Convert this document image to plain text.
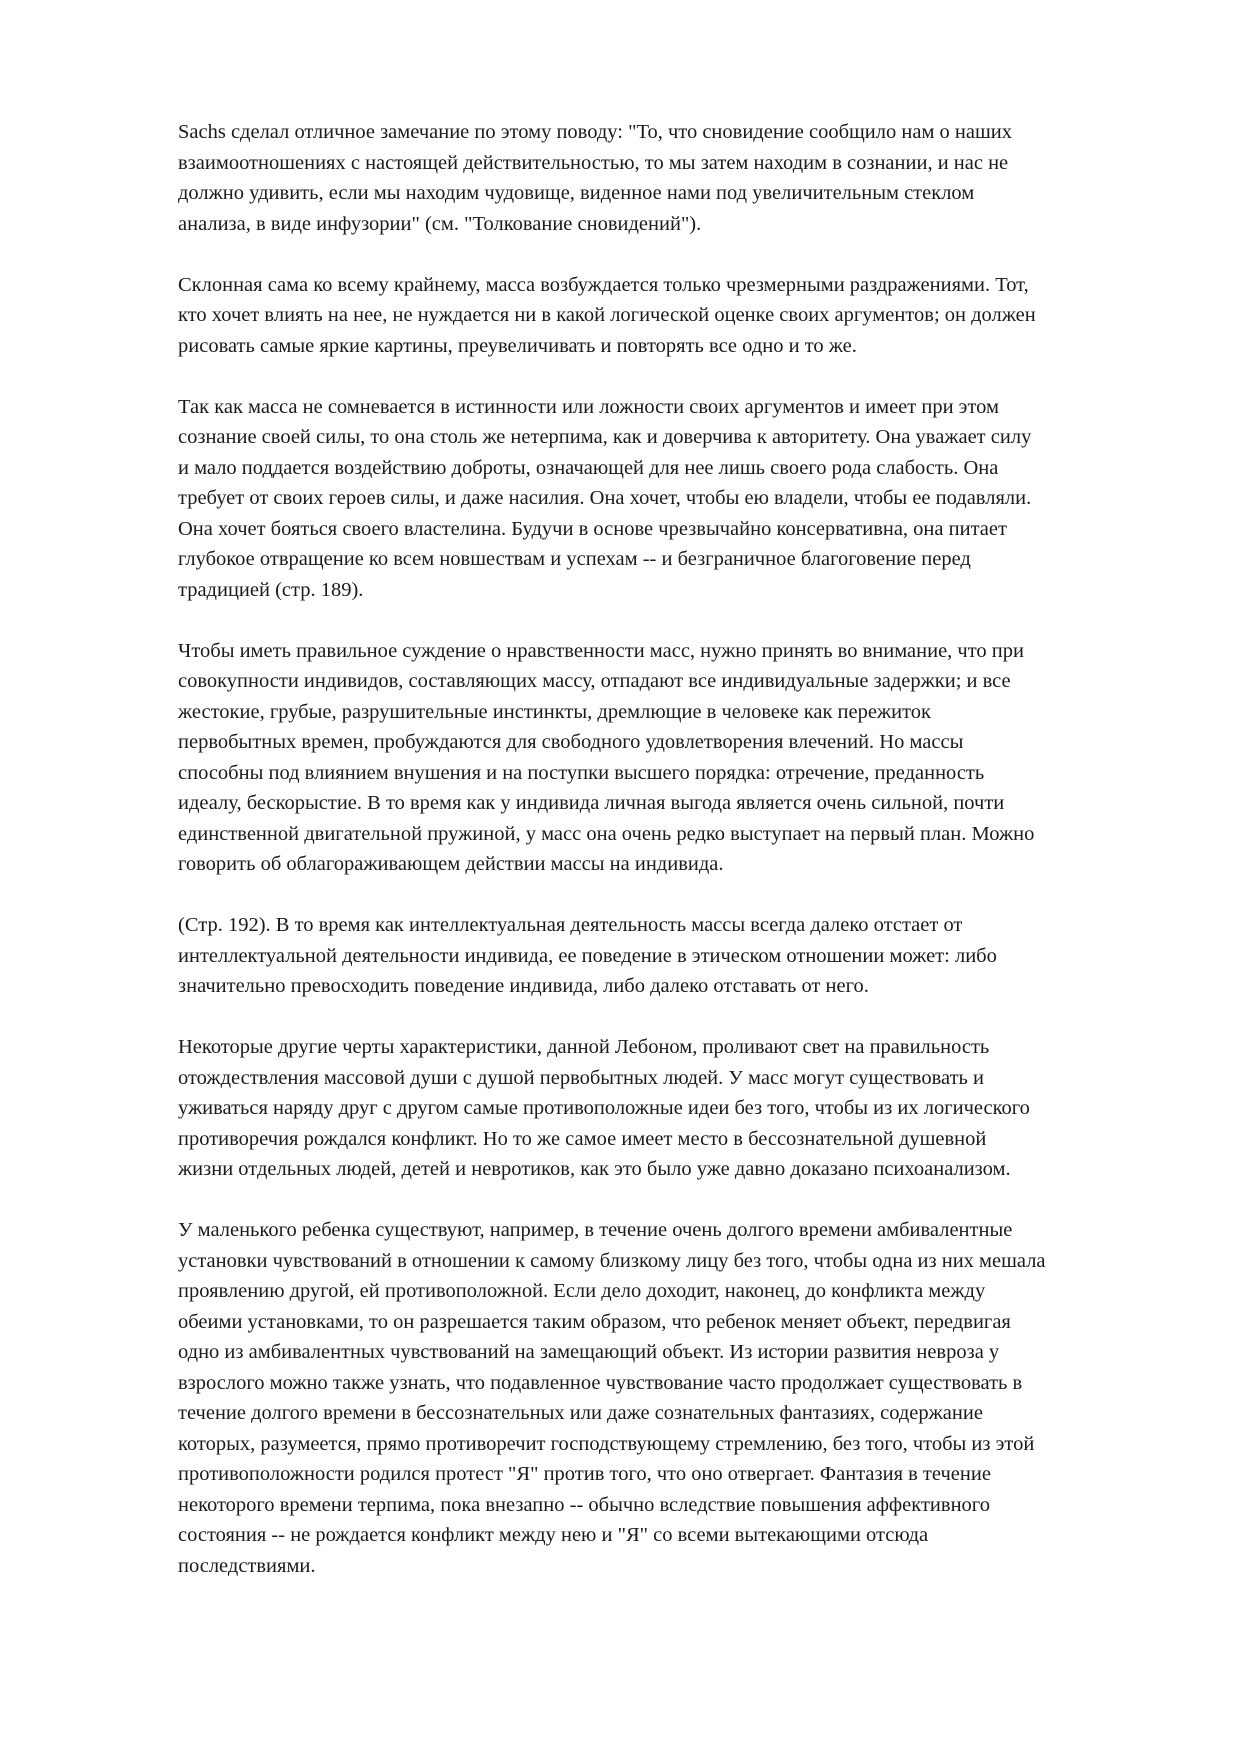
Sachs сделал отличное замечание по этому поводу: "То, что сновидение сообщило нам о наших
взаимоотношениях с настоящей действительностью, то мы затем находим в сознании, и нас не
должно удивить, если мы находим чудовище, виденное нами под увеличительным стеклом
анализа, в виде инфузории" (см. "Толкование сновидений").

Склонная сама ко всему крайнему, масса возбуждается только чрезмерными раздражениями. Тот,
кто хочет влиять на нее, не нуждается ни в какой логической оценке своих аргументов; он должен
рисовать самые яркие картины, преувеличивать и повторять все одно и то же.

Так как масса не сомневается в истинности или ложности своих аргументов и имеет при этом
сознание своей силы, то она столь же нетерпима, как и доверчива к авторитету. Она уважает силу
и мало поддается воздействию доброты, означающей для нее лишь своего рода слабость. Она
требует от своих героев силы, и даже насилия. Она хочет, чтобы ею владели, чтобы ее подавляли.
Она хочет бояться своего властелина. Будучи в основе чрезвычайно консервативна, она питает
глубокое отвращение ко всем новшествам и успехам -- и безграничное благоговение перед
традицией (стр. 189).

Чтобы иметь правильное суждение о нравственности масс, нужно принять во внимание, что при
совокупности индивидов, составляющих массу, отпадают все индивидуальные задержки; и все
жестокие, грубые, разрушительные инстинкты, дремлющие в человеке как пережиток
первобытных времен, пробуждаются для свободного удовлетворения влечений. Но массы
способны под влиянием внушения и на поступки высшего порядка: отречение, преданность
идеалу, бескорыстие. В то время как у индивида личная выгода является очень сильной, почти
единственной двигательной пружиной, у масс она очень редко выступает на первый план. Можно
говорить об облагораживающем действии массы на индивида.

(Стр. 192). В то время как интеллектуальная деятельность массы всегда далеко отстает от
интеллектуальной деятельности индивида, ее поведение в этическом отношении может: либо
значительно превосходить поведение индивида, либо далеко отставать от него.

Некоторые другие черты характеристики, данной Лебоном, проливают свет на правильность
отождествления массовой души с душой первобытных людей. У масс могут существовать и
уживаться наряду друг с другом самые противоположные идеи без того, чтобы из их логического
противоречия рождался конфликт. Но то же самое имеет место в бессознательной душевной
жизни отдельных людей, детей и невротиков, как это было уже давно доказано психоанализом.

У маленького ребенка существуют, например, в течение очень долгого времени амбивалентные
установки чувствований в отношении к самому близкому лицу без того, чтобы одна из них мешала
проявлению другой, ей противоположной. Если дело доходит, наконец, до конфликта между
обеими установками, то он разрешается таким образом, что ребенок меняет объект, передвигая
одно из амбивалентных чувствований на замещающий объект. Из истории развития невроза у
взрослого можно также узнать, что подавленное чувствование часто продолжает существовать в
течение долгого времени в бессознательных или даже сознательных фантазиях, содержание
которых, разумеется, прямо противоречит господствующему стремлению, без того, чтобы из этой
противоположности родился протест "Я" против того, что оно отвергает. Фантазия в течение
некоторого времени терпима, пока внезапно -- обычно вследствие повышения аффективного
состояния -- не рождается конфликт между нею и "Я" со всеми вытекающими отсюда
последствиями.
